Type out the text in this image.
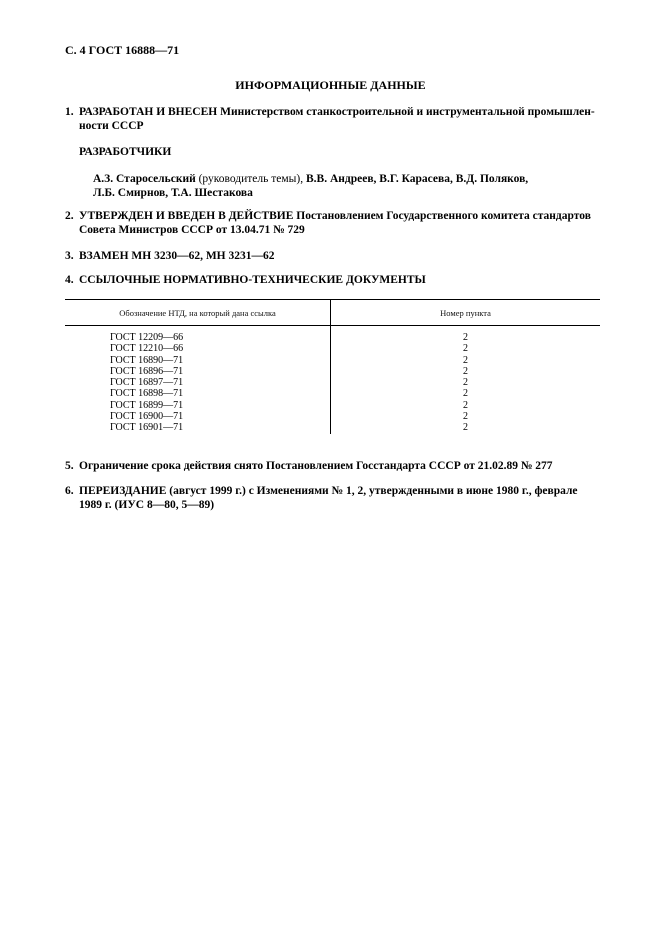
С. 4 ГОСТ 16888—71
ИНФОРМАЦИОННЫЕ ДАННЫЕ
1. РАЗРАБОТАН И ВНЕСЕН Министерством станкостроительной и инструментальной промышлен-
ности СССР
РАЗРАБОТЧИКИ
А.З. Старосельский (руководитель темы), В.В. Андреев, В.Г. Карасева, В.Д. Поляков,
Л.Б. Смирнов, Т.А. Шестакова
2. УТВЕРЖДЕН И ВВЕДЕН В ДЕЙСТВИЕ Постановлением Государственного комитета стандартов
Совета Министров СССР от 13.04.71 № 729
3. ВЗАМЕН МН 3230—62, МН 3231—62
4. ССЫЛОЧНЫЕ НОРМАТИВНО-ТЕХНИЧЕСКИЕ ДОКУМЕНТЫ
Обозначение НТД, на который дана ссылка	Номер пункта
ГОСТ 12209—66	2
ГОСТ 12210—66	2
ГОСТ 16890—71	2
ГОСТ 16896—71	2
ГОСТ 16897—71	2
ГОСТ 16898—71	2
ГОСТ 16899—71	2
ГОСТ 16900—71	2
ГОСТ 16901—71	2
5. Ограничение срока действия снято Постановлением Госстандарта СССР от 21.02.89 № 277
6. ПЕРЕИЗДАНИЕ (август 1999 г.) с Изменениями № 1, 2, утвержденными в июне 1980 г., феврале
1989 г. (ИУС 8—80, 5—89)
